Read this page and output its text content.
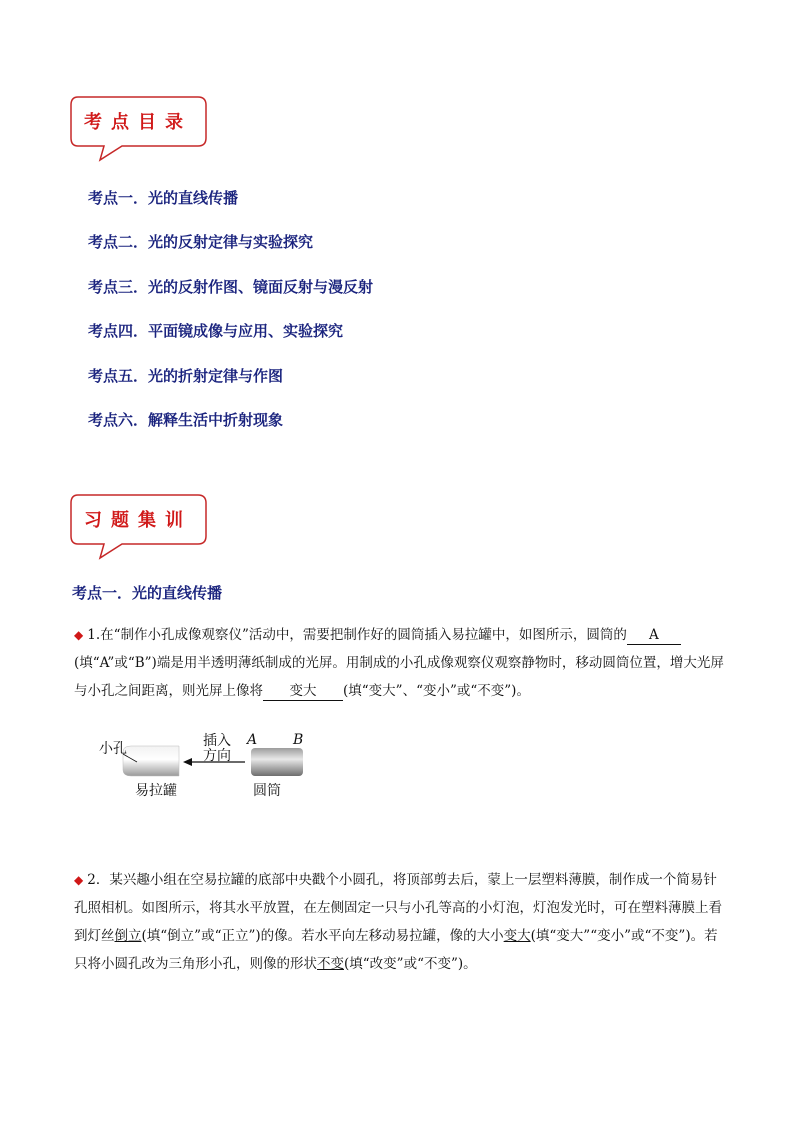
考点目录
考点一．光的直线传播
考点二．光的反射定律与实验探究
考点三．光的反射作图、镜面反射与漫反射
考点四．平面镜成像与应用、实验探究
考点五．光的折射定律与作图
考点六．解释生活中折射现象
习题集训
考点一．光的直线传播
◆ 1.在“制作小孔成像观察仪”活动中，需要把制作好的圆筒插入易拉罐中，如图所示，圆筒的 A(填“A”或“B”)端是用半透明薄纸制成的光屏。用制成的小孔成像观察仪观察静物时，移动圆筒位置，增大光屏与小孔之间距离，则光屏上像将 变大 (填“变大”、“变小”或“不变”)。
小孔
易拉罐
插入
方向
A	B
圆筒
◆ 2．某兴趣小组在空易拉罐的底部中央戳个小圆孔，将顶部剪去后，蒙上一层塑料薄膜，制作成一个简易针孔照相机。如图所示，将其水平放置，在左侧固定一只与小孔等高的小灯泡，灯泡发光时，可在塑料薄膜上看到灯丝倒立(填“倒立”或“正立”)的像。若水平向左移动易拉罐，像的大小变大(填“变大”“变小”或“不变”)。若只将小圆孔改为三角形小孔，则像的形状不变(填“改变”或“不变”)。
